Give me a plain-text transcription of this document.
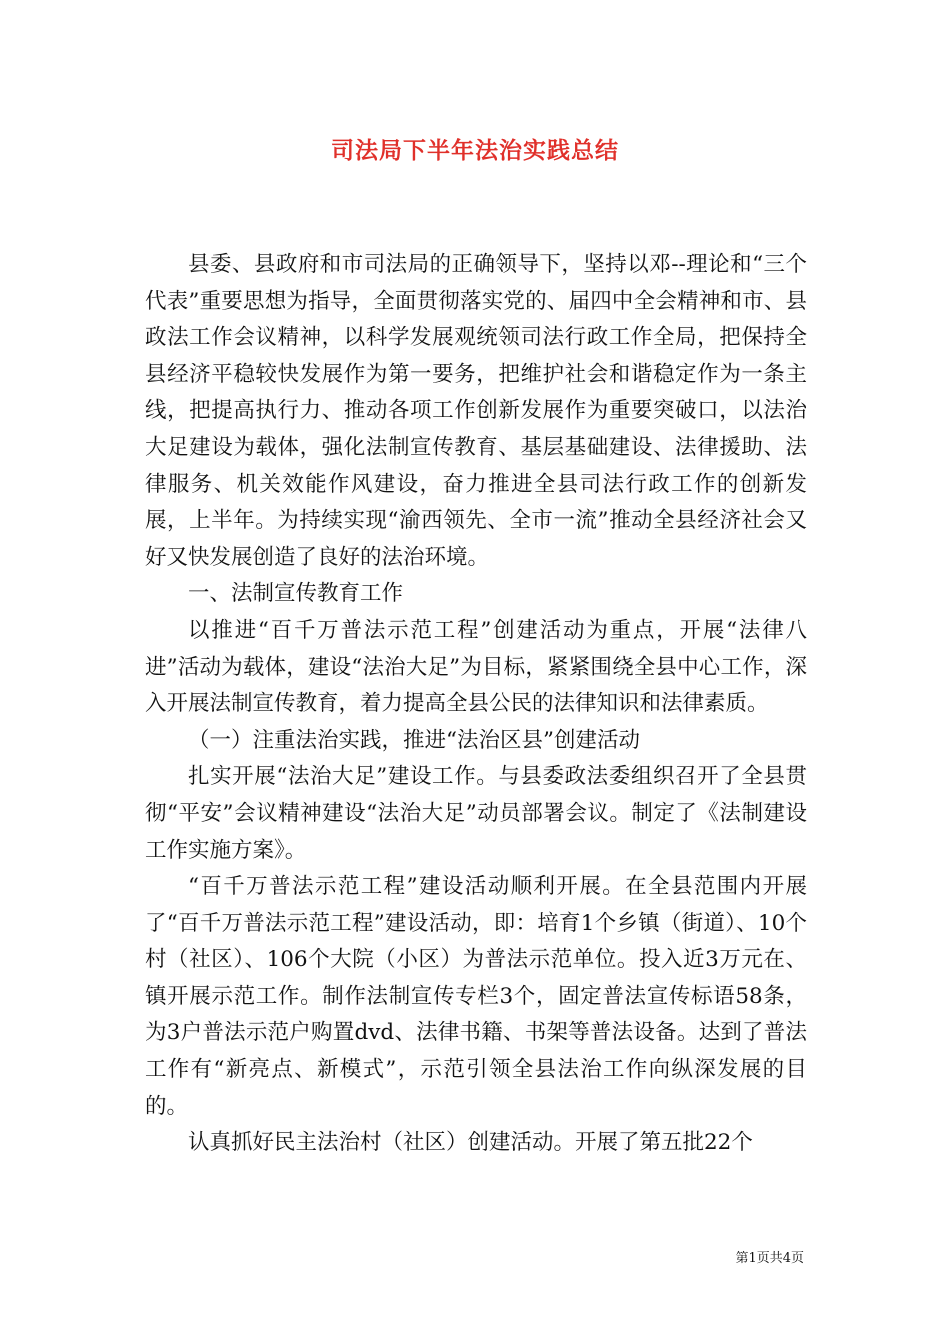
司法局下半年法治实践总结

县委、县政府和市司法局的正确领导下，坚持以邓--理论和“三个代表”重要思想为指导，全面贯彻落实党的、届四中全会精神和市、县政法工作会议精神，以科学发展观统领司法行政工作全局，把保持全县经济平稳较快发展作为第一要务，把维护社会和谐稳定作为一条主线，把提高执行力、推动各项工作创新发展作为重要突破口，以法治大足建设为载体，强化法制宣传教育、基层基础建设、法律援助、法律服务、机关效能作风建设，奋力推进全县司法行政工作的创新发展，上半年。为持续实现“渝西领先、全市一流”推动全县经济社会又好又快发展创造了良好的法治环境。

一、法制宣传教育工作

以推进“百千万普法示范工程”创建活动为重点，开展“法律八进”活动为载体，建设“法治大足”为目标，紧紧围绕全县中心工作，深入开展法制宣传教育，着力提高全县公民的法律知识和法律素质。

（一）注重法治实践，推进“法治区县”创建活动

扎实开展“法治大足”建设工作。与县委政法委组织召开了全县贯彻“平安”会议精神建设“法治大足”动员部署会议。制定了《法制建设工作实施方案》。

“百千万普法示范工程”建设活动顺利开展。在全县范围内开展了“百千万普法示范工程”建设活动，即：培育1个乡镇（街道）、10个村（社区）、106个大院（小区）为普法示范单位。投入近3万元在、镇开展示范工作。制作法制宣传专栏3个，固定普法宣传标语58条，为3户普法示范户购置dvd、法律书籍、书架等普法设备。达到了普法工作有“新亮点、新模式”，示范引领全县法治工作向纵深发展的目的。

认真抓好民主法治村（社区）创建活动。开展了第五批22个

第1页共4页
